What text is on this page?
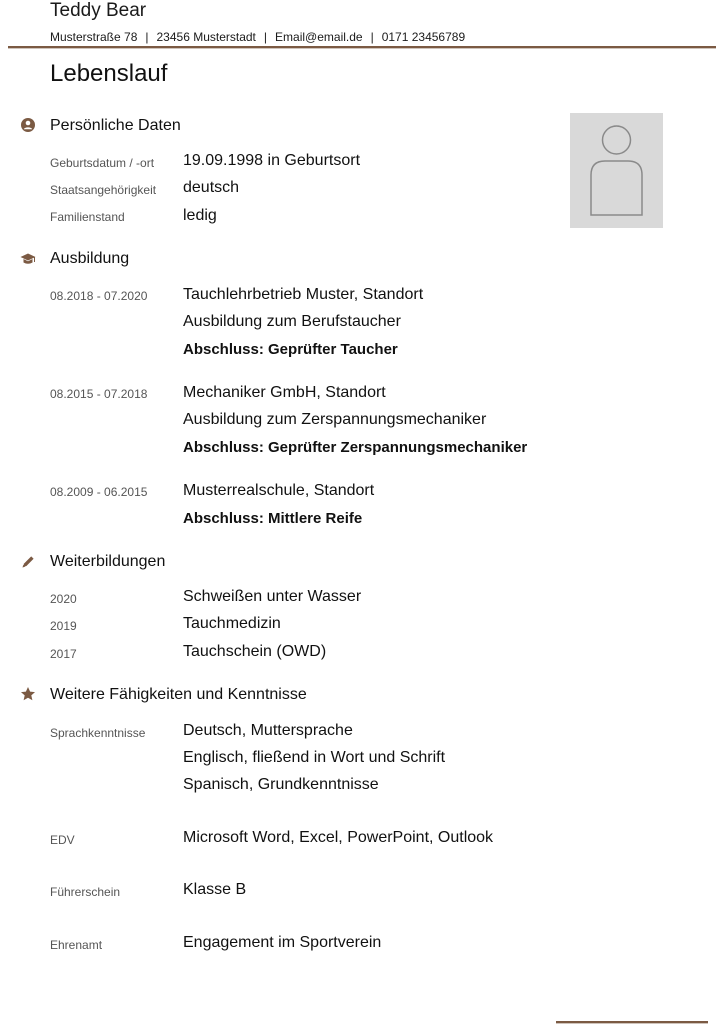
Teddy Bear
Musterstraße 78 | 23456 Musterstadt | Email@email.de | 0171 23456789
Lebenslauf
Persönliche Daten
Geburtsdatum / -ort 19.09.1998 in Geburtsort
Staatsangehörigkeit deutsch
Familienstand	ledig
Ausbildung
08.2018 - 07.2020 Tauchlehrbetrieb Muster, Standort
Ausbildung zum Berufstaucher
Abschluss: Geprüfter Taucher
08.2015 - 07.2018 Mechaniker GmbH, Standort
Ausbildung zum Zerspannungsmechaniker
Abschluss: Geprüfter Zerspannungsmechaniker
08.2009 - 06.2015 Musterrealschule, Standort
Abschluss: Mittlere Reife
Weiterbildungen
2020	Schweißen unter Wasser
2019	Tauchmedizin
2017	Tauchschein (OWD)
Weitere Fähigkeiten und Kenntnisse
Sprachkenntnisse Deutsch, Muttersprache
Englisch, fließend in Wort und Schrift
Spanisch, Grundkenntnisse
EDV	Microsoft Word, Excel, PowerPoint, Outlook
Führerschein	Klasse B
Ehrenamt	Engagement im Sportverein
